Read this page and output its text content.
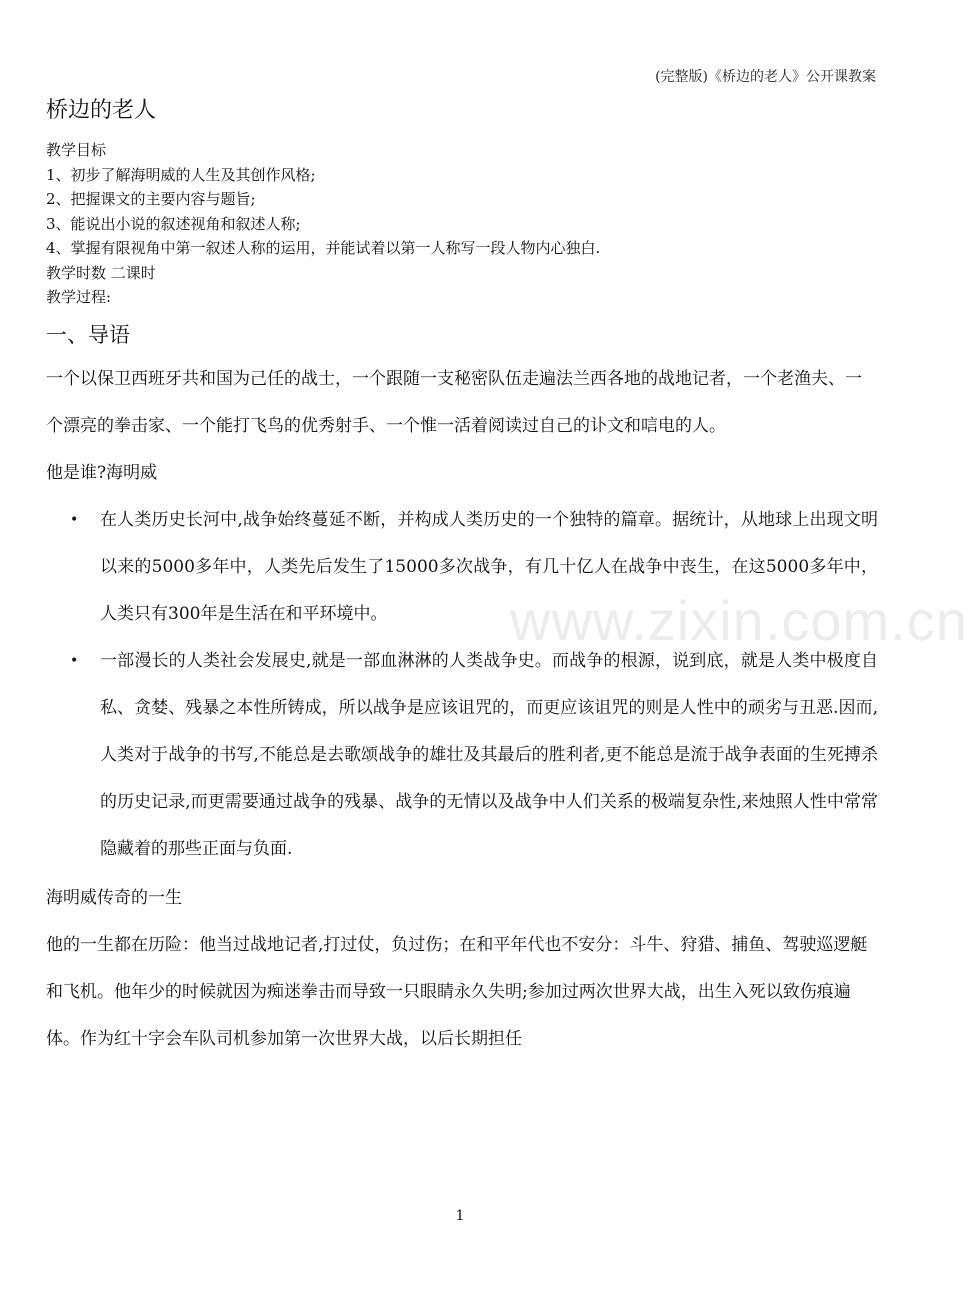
(完整版)《桥边的老人》公开课教案
www.zixin.com.cn
桥边的老人

教学目标

1、初步了解海明威的人生及其创作风格;

2、把握课文的主要内容与题旨;

3、能说出小说的叙述视角和叙述人称;

4、掌握有限视角中第一叙述人称的运用，并能试着以第一人称写一段人物内心独白.

教学时数 二课时

教学过程:

一、导语

一个以保卫西班牙共和国为己任的战士，一个跟随一支秘密队伍走遍法兰西各地的战地记者，一个老渔夫、一个漂亮的拳击家、一个能打飞鸟的优秀射手、一个惟一活着阅读过自己的讣文和唁电的人。

他是谁?海明威

• 在人类历史长河中,战争始终蔓延不断，并构成人类历史的一个独特的篇章。据统计，从地球上出现文明以来的5000多年中，人类先后发生了15000多次战争，有几十亿人在战争中丧生，在这5000多年中，人类只有300年是生活在和平环境中。
• 一部漫长的人类社会发展史,就是一部血淋淋的人类战争史。而战争的根源，说到底，就是人类中极度自私、贪婪、残暴之本性所铸成，所以战争是应该诅咒的，而更应该诅咒的则是人性中的顽劣与丑恶.因而,人类对于战争的书写,不能总是去歌颂战争的雄壮及其最后的胜利者,更不能总是流于战争表面的生死搏杀的历史记录,而更需要通过战争的残暴、战争的无情以及战争中人们关系的极端复杂性,来烛照人性中常常隐藏着的那些正面与负面.

海明威传奇的一生

他的一生都在历险：他当过战地记者,打过仗，负过伤；在和平年代也不安分：斗牛、狩猎、捕鱼、驾驶巡逻艇和飞机。他年少的时候就因为痴迷拳击而导致一只眼睛永久失明;参加过两次世界大战，出生入死以致伤痕遍体。作为红十字会车队司机参加第一次世界大战，以后长期担任

1
